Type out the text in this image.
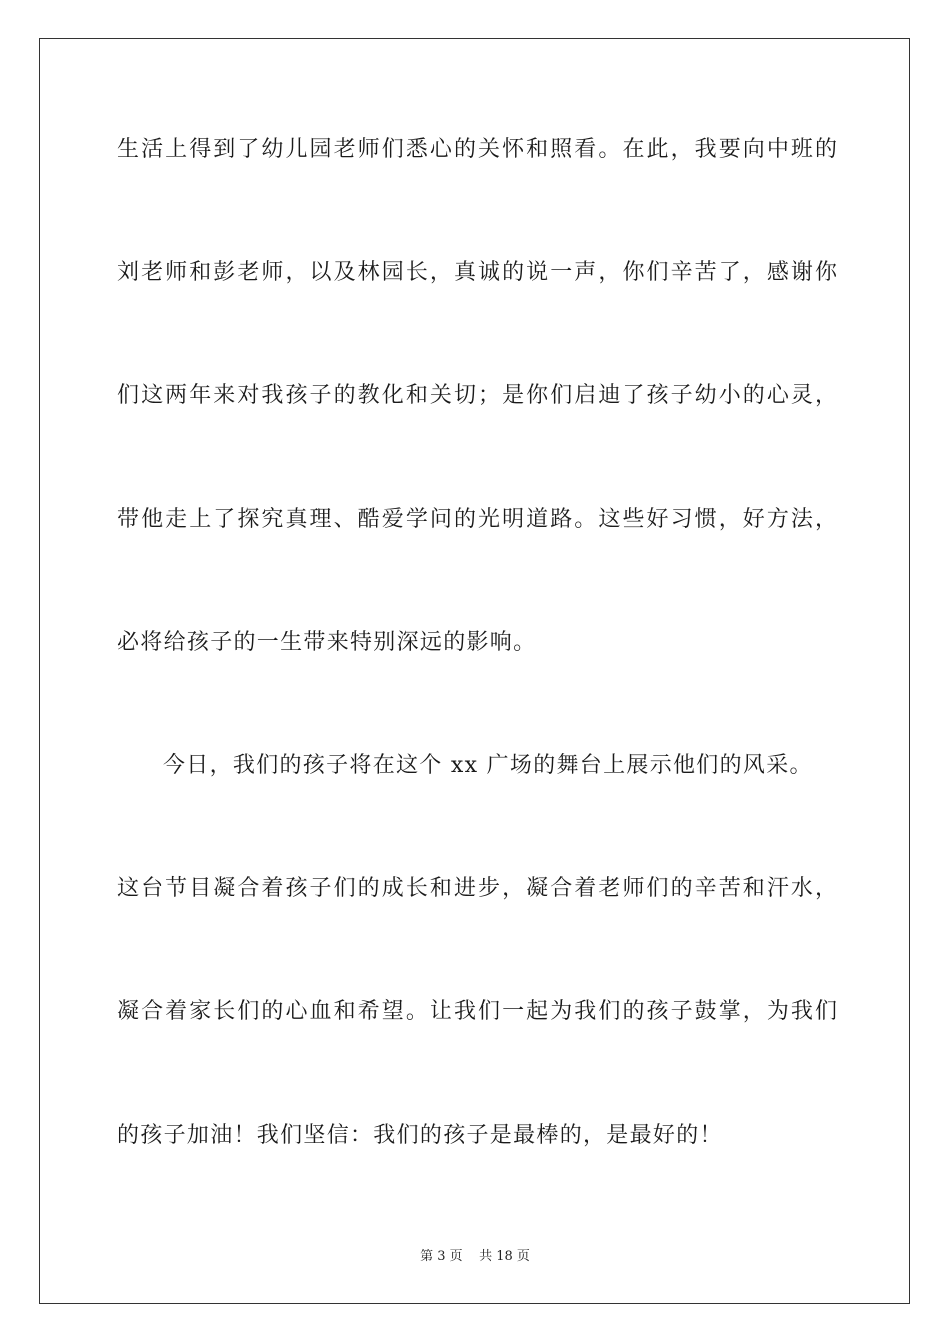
生活上得到了幼儿园老师们悉心的关怀和照看。在此，我要向中班的
刘老师和彭老师，以及林园长，真诚的说一声，你们辛苦了，感谢你
们这两年来对我孩子的教化和关切；是你们启迪了孩子幼小的心灵，
带他走上了探究真理、酷爱学问的光明道路。这些好习惯，好方法，
必将给孩子的一生带来特别深远的影响。
今日，我们的孩子将在这个 xx 广场的舞台上展示他们的风采。
这台节目凝合着孩子们的成长和进步，凝合着老师们的辛苦和汗水，
凝合着家长们的心血和希望。让我们一起为我们的孩子鼓掌，为我们
的孩子加油！我们坚信：我们的孩子是最棒的，是最好的！
第 3 页    共 18 页
